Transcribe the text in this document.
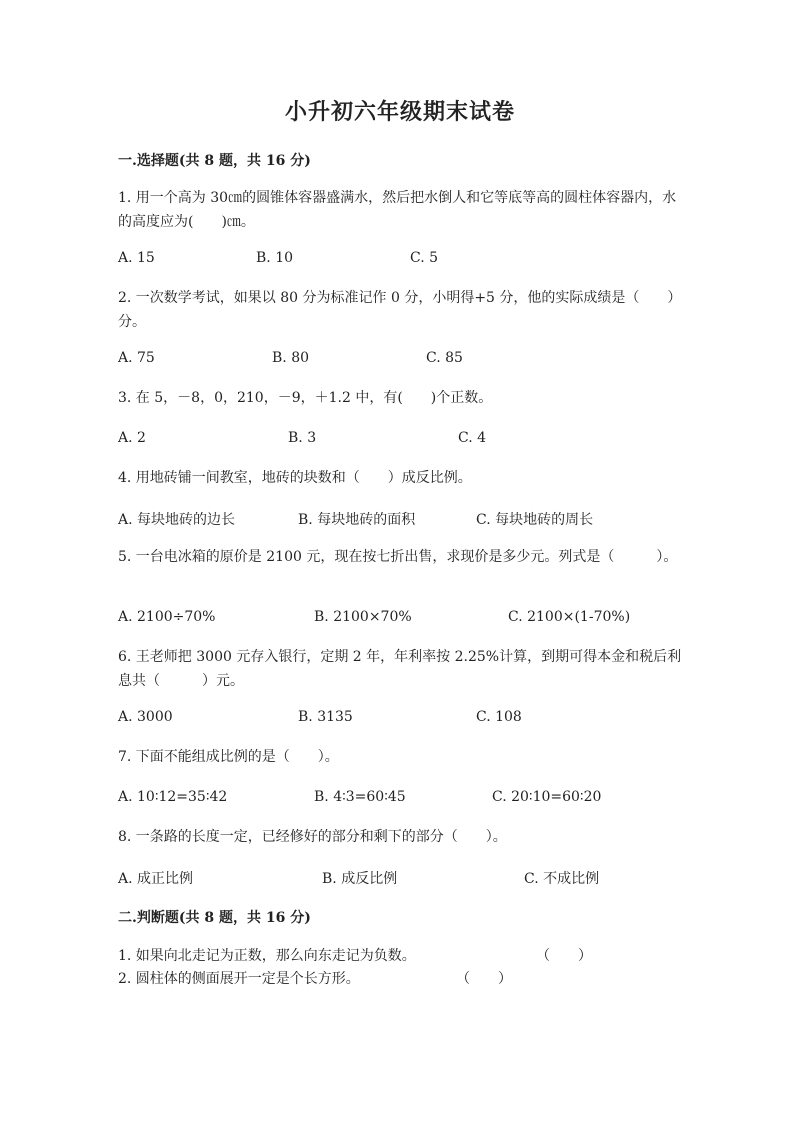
小升初六年级期末试卷
一.选择题(共 8 题，共 16 分)
1. 用一个高为 30㎝的圆锥体容器盛满水，然后把水倒人和它等底等高的圆柱体容器内，水的高度应为(　　)㎝。
A. 15	B. 10	C. 5
2. 一次数学考试，如果以 80 分为标准记作 0 分，小明得+5 分，他的实际成绩是（　　）分。
A. 75	B. 80	C. 85
3. 在 5，－8，0，210，－9，＋1.2 中，有(　　)个正数。
A. 2	B. 3	C. 4
4. 用地砖铺一间教室，地砖的块数和（　　）成反比例。
A. 每块地砖的边长	B. 每块地砖的面积	C. 每块地砖的周长
5. 一台电冰箱的原价是 2100 元，现在按七折出售，求现价是多少元。列式是（　　　）。
A. 2100÷70%	B. 2100×70%	C. 2100×(1-70%)
6. 王老师把 3000 元存入银行，定期 2 年，年利率按 2.25%计算，到期可得本金和税后利息共（　　　）元。
A. 3000	B. 3135	C. 108
7. 下面不能组成比例的是（　　）。
A. 10∶12=35∶42	B. 4∶3=60∶45	C. 20∶10=60∶20
8. 一条路的长度一定，已经修好的部分和剩下的部分（　　）。
A. 成正比例	B. 成反比例	C. 不成比例
二.判断题(共 8 题，共 16 分)
1. 如果向北走记为正数，那么向东走记为负数。	（　　）
2. 圆柱体的侧面展开一定是个长方形。	（　　）
